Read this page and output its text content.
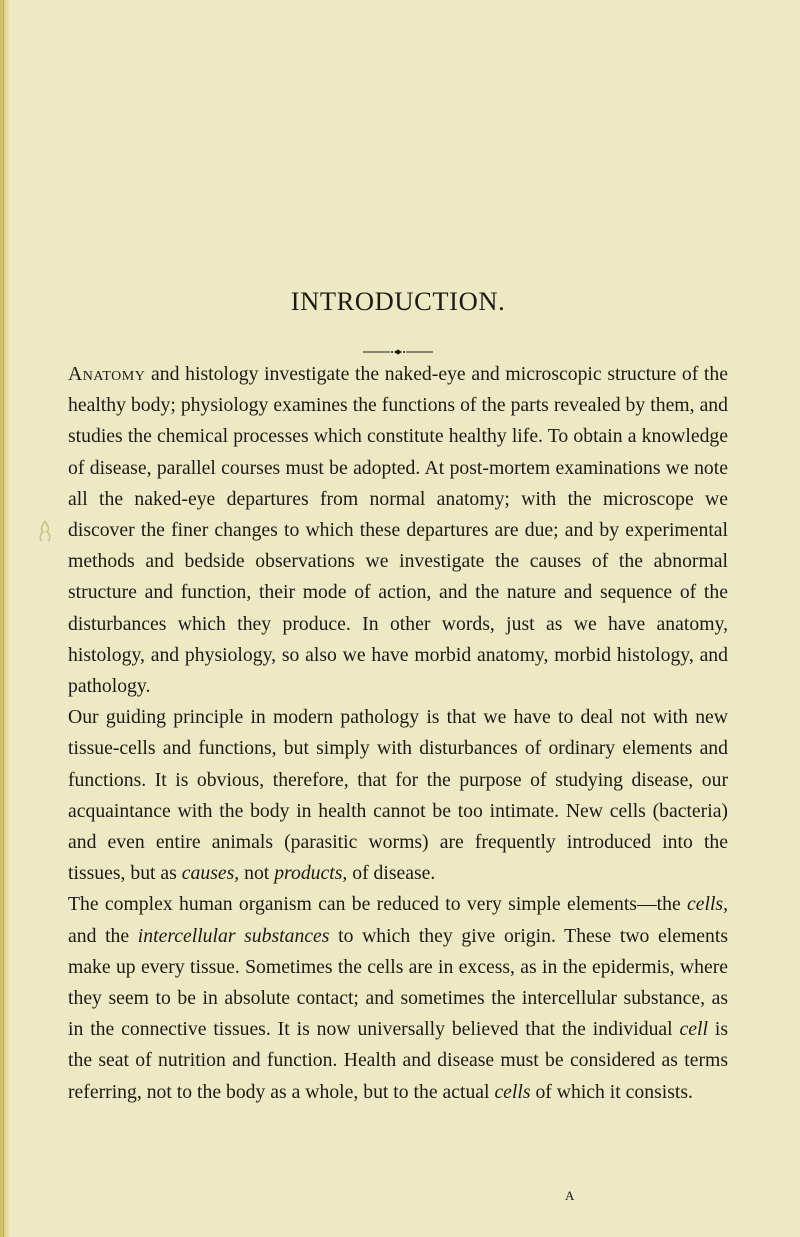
INTRODUCTION.

Anatomy and histology investigate the naked-eye and microscopic structure of the healthy body; physiology examines the functions of the parts revealed by them, and studies the chemical processes which constitute healthy life. To obtain a knowledge of disease, parallel courses must be adopted. At post-mortem examinations we note all the naked-eye departures from normal anatomy; with the microscope we discover the finer changes to which these departures are due; and by experimental methods and bedside observations we investigate the causes of the abnormal structure and function, their mode of action, and the nature and sequence of the disturbances which they produce. In other words, just as we have anatomy, histology, and physiology, so also we have morbid anatomy, morbid histology, and pathology.

Our guiding principle in modern pathology is that we have to deal not with new tissue-cells and functions, but simply with disturbances of ordinary elements and functions. It is obvious, therefore, that for the purpose of studying disease, our acquaintance with the body in health cannot be too intimate. New cells (bacteria) and even entire animals (parasitic worms) are frequently introduced into the tissues, but as causes, not products, of disease.

The complex human organism can be reduced to very simple elements—the cells, and the intercellular substances to which they give origin. These two elements make up every tissue. Sometimes the cells are in excess, as in the epidermis, where they seem to be in absolute contact; and sometimes the intercellular substance, as in the connective tissues. It is now universally believed that the individual cell is the seat of nutrition and function. Health and disease must be considered as terms referring, not to the body as a whole, but to the actual cells of which it consists.

A
